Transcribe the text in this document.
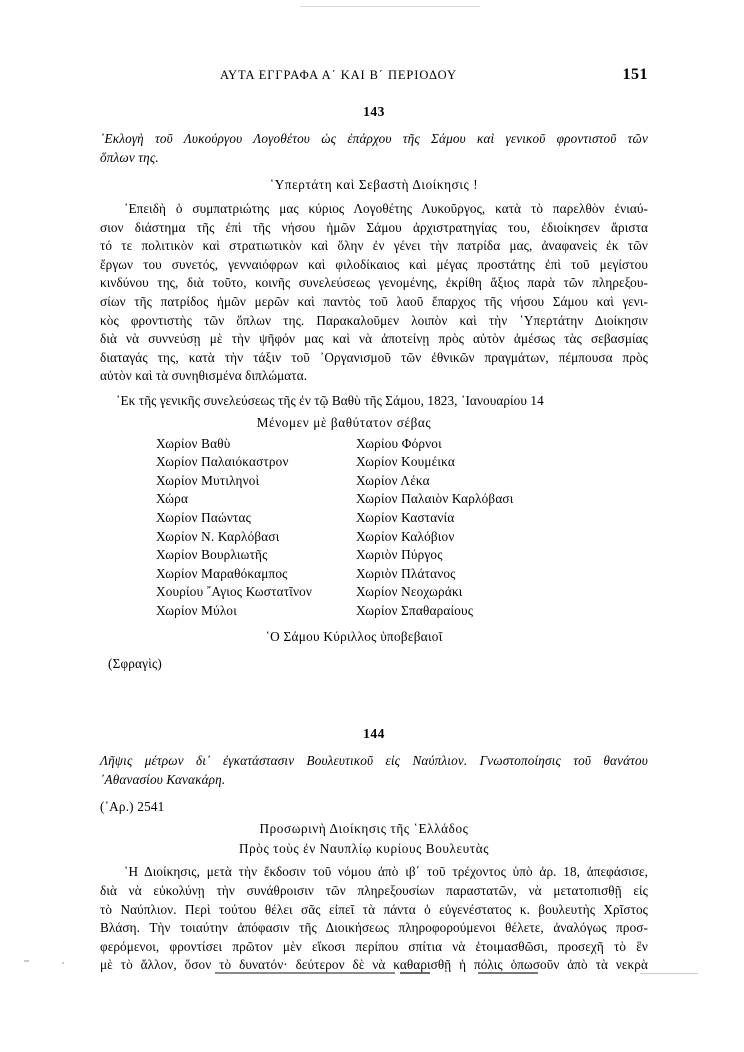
ΑΥΤΑ ΕΓΓΡΑΦΑ Α΄ ΚΑΙ Β΄ ΠΕΡΙΟΔΟΥ	151
143
᾿Εκλογὴ τοῦ Λυκούργου Λογοθέτου ὡς ἐπάρχου τῆς Σάμου καὶ γενικοῦ φροντιστοῦ τῶν
ὅπλων της.
῾Υπερτάτη καὶ Σεβαστὴ Διοίκησις !
᾿Επειδὴ ὁ συμπατριώτης μας κύριος Λογοθέτης Λυκοῦργος, κατὰ τὸ παρελθὸν ἐνιαύ-
σιον διάστημα τῆς ἐπὶ τῆς νήσου ἡμῶν Σάμου ἀρχιστρατηγίας του, ἐδιοίκησεν ἄριστα
τό τε πολιτικὸν καὶ στρατιωτικὸν καὶ ὅλην ἐν γένει τὴν πατρίδα μας, ἀναφανεὶς ἐκ τῶν
ἔργων του συνετός, γενναιόφρων καὶ φιλοδίκαιος καὶ μέγας προστάτης ἐπὶ τοῦ μεγίστου
κινδύνου της, διὰ τοῦτο, κοινῆς συνελεύσεως γενομένης, ἐκρίθη ἄξιος παρὰ τῶν πληρεξου-
σίων τῆς πατρίδος ἡμῶν μερῶν καὶ παντὸς τοῦ λαοῦ ἔπαρχος τῆς νήσου Σάμου καὶ γενι-
κὸς φροντιστὴς τῶν ὅπλων της. Παρακαλοῦμεν λοιπὸν καὶ τὴν ῾Υπερτάτην Διοίκησιν
διὰ νὰ συννεύσῃ μὲ τὴν ψῆφόν μας καὶ νὰ ἀποτείνῃ πρὸς αὐτὸν ἀμέσως τὰς σεβασμίας
διαταγάς της, κατὰ τὴν τάξιν τοῦ ᾿Οργανισμοῦ τῶν ἐθνικῶν πραγμάτων, πέμπουσα πρὸς
αὐτὸν καὶ τὰ συνηθισμένα διπλώματα.
᾿Εκ τῆς γενικῆς συνελεύσεως τῆς ἐν τῷ Βαθὺ τῆς Σάμου, 1823, ᾿Ιανουαρίου 14
Μένομεν μὲ βαθύτατον σέβας
Χωρίον Βαθὺ	Χωρίου Φόρνοι
Χωρίον Παλαιόκαστρον	Χωρίον Κουμέικα
Χωρίον Μυτιληνοὶ	Χωρίον Λέκα
Χώρα	Χωρίον Παλαιὸν Καρλόβασι
Χωρίον Παώντας	Χωρίον Καστανία
Χωρίον Ν. Καρλόβασι	Χωρίον Καλόβιον
Χωρίον Βουρλιωτῆς	Χωριὸν Πύργος
Χωρίον Μαραθόκαμπος	Χωριὸν Πλάτανος
Χουρίου ῎Αγιος Κωστατῖνον	Χωρίον Νεοχωράκι
Χωρίον Μύλοι	Χωρίον Σπαθαραίους
῾Ο Σάμου Κύριλλος ὑποβεβαιοῖ
(Σφραγὶς)
144
Λῆψις μέτρων δι᾿ ἐγκατάστασιν Βουλευτικοῦ εἰς Ναύπλιον. Γνωστοποίησις τοῦ θανάτου
᾿Αθανασίου Κανακάρη.
(᾿Αρ.) 2541
Προσωρινὴ Διοίκησις τῆς ῾Ελλάδος
Πρὸς τοὺς ἐν Ναυπλίῳ κυρίους Βουλευτὰς
῾Η Διοίκησις, μετὰ τὴν ἔκδοσιν τοῦ νόμου ἀπὸ ιβ΄ τοῦ τρέχοντος ὑπὸ ἀρ. 18, ἀπεφάσισε,
διὰ νὰ εὐκολύνῃ τὴν συνάθροισιν τῶν πληρεξουσίων παραστατῶν, νὰ μετατοπισθῇ εἰς
τὸ Ναύπλιον. Περὶ τούτου θέλει σᾶς εἰπεῖ τὰ πάντα ὁ εὐγενέστατος κ. βουλευτὴς Χρῖστος
Βλάση. Τὴν τοιαύτην ἀπόφασιν τῆς Διοικήσεως πληροφορούμενοι θέλετε, ἀναλόγως προσ-
φερόμενοι, φροντίσει πρῶτον μὲν εἴκοσι περίπου σπίτια νὰ ἑτοιμασθῶσι, προσεχῆ τὸ ἓν
μὲ τὸ ἄλλον, ὅσον τὸ δυνατόν· δεύτερον δὲ νὰ καθαρισθῇ ἡ πόλις ὁπωσοῦν ἀπὸ τὰ νεκρὰ
